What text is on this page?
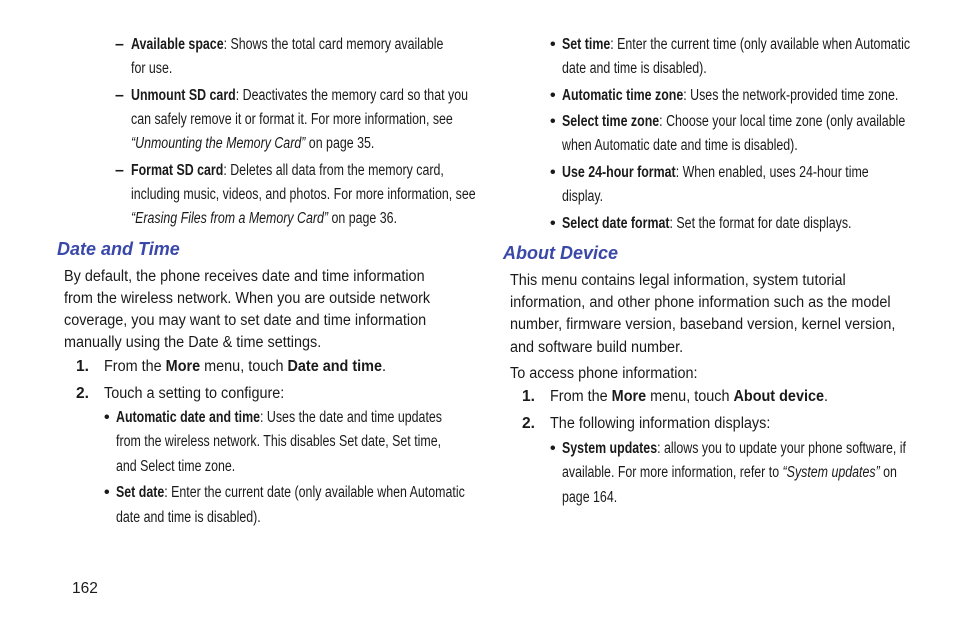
– Available space: Shows the total card memory available
for use.
– Unmount SD card: Deactivates the memory card so that you
can safely remove it or format it. For more information, see
“Unmounting the Memory Card” on page 35.
– Format SD card: Deletes all data from the memory card,
including music, videos, and photos. For more information, see
“Erasing Files from a Memory Card” on page 36.
Date and Time
By default, the phone receives date and time information
from the wireless network. When you are outside network
coverage, you may want to set date and time information
manually using the Date & time settings.
1. From the More menu, touch Date and time.
2. Touch a setting to configure:
• Automatic date and time: Uses the date and time updates
from the wireless network. This disables Set date, Set time,
and Select time zone.
• Set date: Enter the current date (only available when Automatic
date and time is disabled).
162
• Set time: Enter the current time (only available when Automatic
date and time is disabled).
• Automatic time zone: Uses the network-provided time zone.
• Select time zone: Choose your local time zone (only available
when Automatic date and time is disabled).
• Use 24-hour format: When enabled, uses 24-hour time
display.
• Select date format: Set the format for date displays.
About Device
This menu contains legal information, system tutorial
information, and other phone information such as the model
number, firmware version, baseband version, kernel version,
and software build number.
To access phone information:
1. From the More menu, touch About device.
2. The following information displays:
• System updates: allows you to update your phone software, if
available. For more information, refer to “System updates” on
page 164.
